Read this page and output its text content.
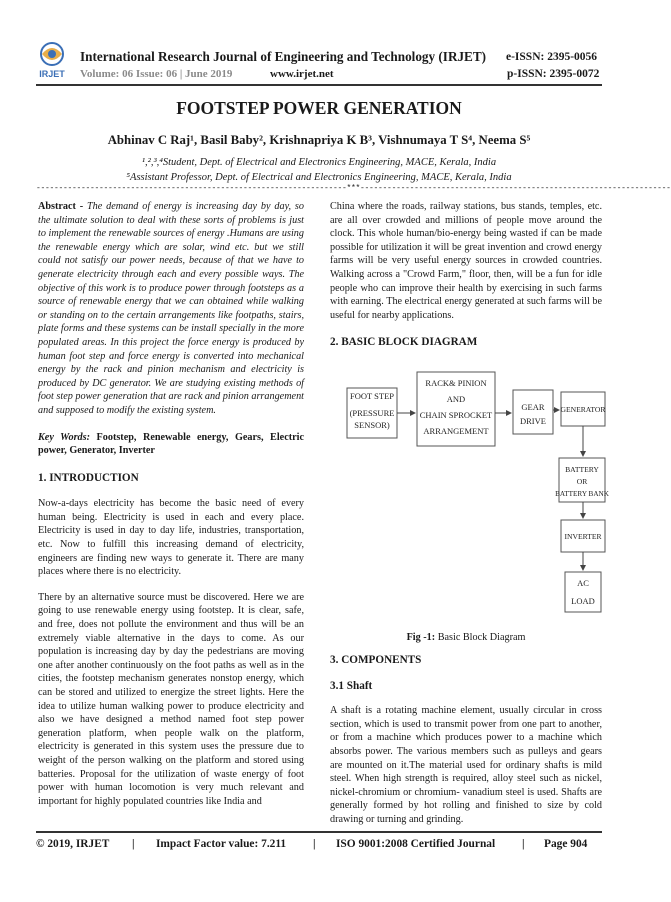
IRJET
International Research Journal of Engineering and Technology (IRJET) e-ISSN: 2395-0056
Volume: 06 Issue: 06 | June 2019	www.irjet.net	p-ISSN: 2395-0072
FOOTSTEP POWER GENERATION
Abhinav C Raj¹, Basil Baby², Krishnapriya K B³, Vishnumaya T S⁴, Neema S⁵
¹,²,³,⁴Student, Dept. of Electrical and Electronics Engineering, MACE, Kerala, India
⁵Assistant Professor, Dept. of Electrical and Electronics Engineering, MACE, Kerala, India
---------------------------------------------------------------------***---------------------------------------------------------------------

Abstract - The demand of energy is increasing day by day, so the ultimate solution to deal with these sorts of problems is just to implement the renewable sources of energy .Humans are using the renewable energy which are solar, wind etc. but we still could not satisfy our power needs, because of that we have to generate electricity through each and every possible ways. The objective of this work is to produce power through footsteps as a source of renewable energy that we can obtained while walking or standing on to the certain arrangements like footpaths, stairs, plate forms and these systems can be install specially in the more populated areas. In this project the force energy is produced by human foot step and force energy is converted into mechanical energy by the rack and pinion mechanism and electricity is produced by DC generator. We are studying existing methods of foot step power generation that are rack and pinion arrangement and supposed to modify the existing system.

Key Words: Footstep, Renewable energy, Gears, Electric power, Generator, Inverter

1. INTRODUCTION

Now-a-days electricity has become the basic need of every human being. Electricity is used in each and every place. Electricity is used in day to day life, industries, transportation, etc. Now to fulfill this increasing demand of electricity, engineers are finding new ways to generate it. There are many places where there is no electricity.

There by an alternative source must be discovered. Here we are going to use renewable energy using footstep. It is clear, safe, and free, does not pollute the environment and thus will be an extremely viable alternative in the days to come. As our population is increasing day by day the pedestrians are moving one after another continuously on the foot paths as well as in the cities, the footstep mechanism generates nonstop energy, which can be stored and utilized to energize the street lights. Here the idea to utilize human walking power to produce electricity and also we have designed a method named foot step power generation platform, when people walk on the platform, electricity is generated in this system uses the pressure due to weight of the person walking on the platform and stored using batteries. Proposal for the utilization of waste energy of foot power with human locomotion is very much relevant and important for highly populated countries like India and

China where the roads, railway stations, bus stands, temples, etc. are all over crowded and millions of people move around the clock. This whole human/bio-energy being wasted if can be made possible for utilization it will be great invention and crowd energy farms will be very useful energy sources in crowded countries. Walking across a "Crowd Farm," floor, then, will be a fun for idle people who can improve their health by exercising in such farms with earning. The electrical energy generated at such farms will be useful for nearby applications.

2. BASIC BLOCK DIAGRAM

FOOT STEP
(PRESSURE
SENSOR)
RACK& PINION
AND
CHAIN SPROCKET
ARRANGEMENT
GEAR
DRIVE
GENERATOR
BATTERY
OR
BATTERY BANK
INVERTER
AC
LOAD
Fig -1: Basic Block Diagram

3. COMPONENTS

3.1 Shaft

A shaft is a rotating machine element, usually circular in cross section, which is used to transmit power from one part to another, or from a machine which produces power to a machine which absorbs power. The various members such as pulleys and gears are mounted on it.The material used for ordinary shafts is mild steel. When high strength is required, alloy steel such as nickel, nickel-chromium or chromium- vanadium steel is used. Shafts are generally formed by hot rolling and finished to size by cold drawing or turning and grinding.

© 2019, IRJET | Impact Factor value: 7.211 | ISO 9001:2008 Certified Journal | Page 904
